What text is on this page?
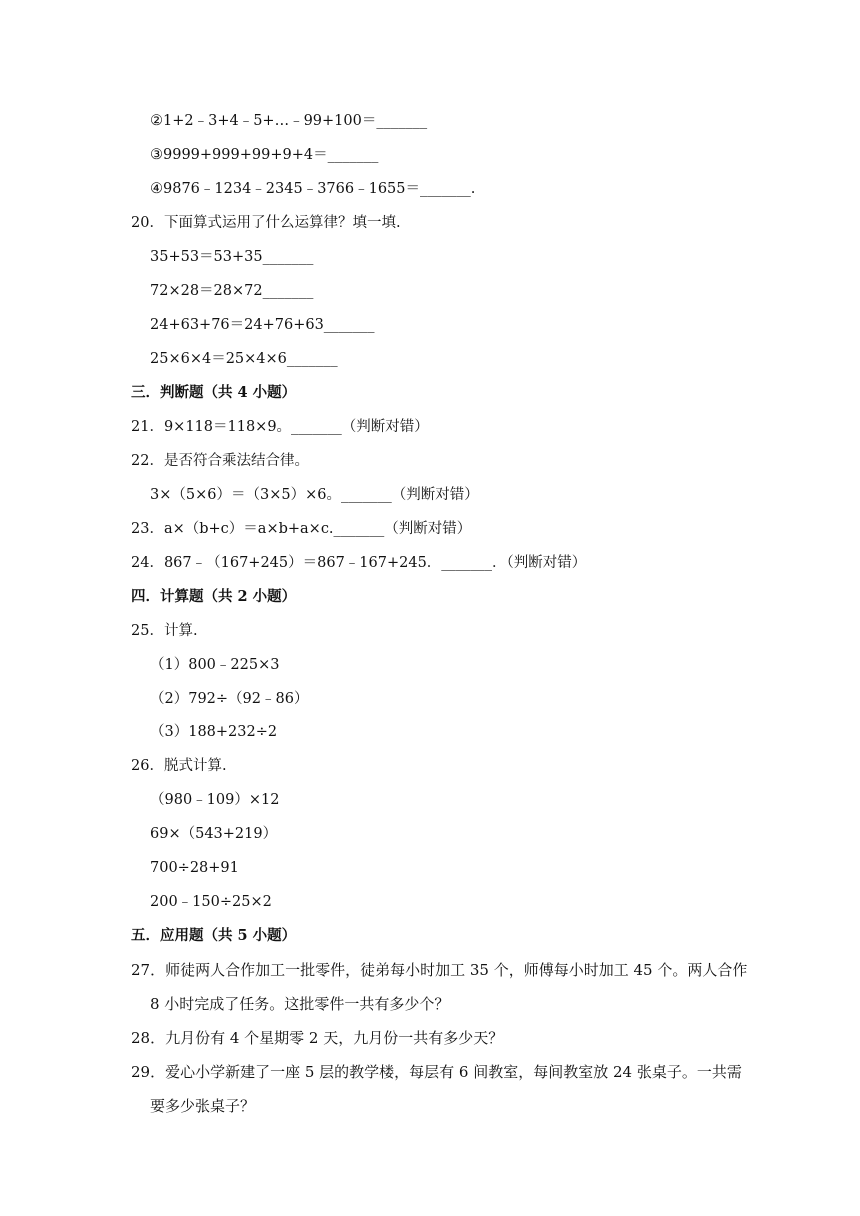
②1+2﹣3+4﹣5+…﹣99+100＝_______
③9999+999+99+9+4＝_______
④9876﹣1234﹣2345﹣3766﹣1655＝_______.
20．下面算式运用了什么运算律？填一填.
35+53＝53+35_______
72×28＝28×72_______
24+63+76＝24+76+63_______
25×6×4＝25×4×6_______
三．判断题（共 4 小题）
21．9×118＝118×9。_______（判断对错）
22．是否符合乘法结合律。
3×（5×6）＝（3×5）×6。_______（判断对错）
23．a×（b+c）＝a×b+a×c._______（判断对错）
24．867﹣（167+245）＝867﹣167+245．_______．（判断对错）
四．计算题（共 2 小题）
25．计算.
（1）800﹣225×3
（2）792÷（92﹣86）
（3）188+232÷2
26．脱式计算.
（980﹣109）×12
69×（543+219）
700÷28+91
200﹣150÷25×2
五．应用题（共 5 小题）
27．师徒两人合作加工一批零件，徒弟每小时加工 35 个，师傅每小时加工 45 个。两人合作
8 小时完成了任务。这批零件一共有多少个？
28．九月份有 4 个星期零 2 天，九月份一共有多少天？
29．爱心小学新建了一座 5 层的教学楼，每层有 6 间教室，每间教室放 24 张桌子。一共需
要多少张桌子？
